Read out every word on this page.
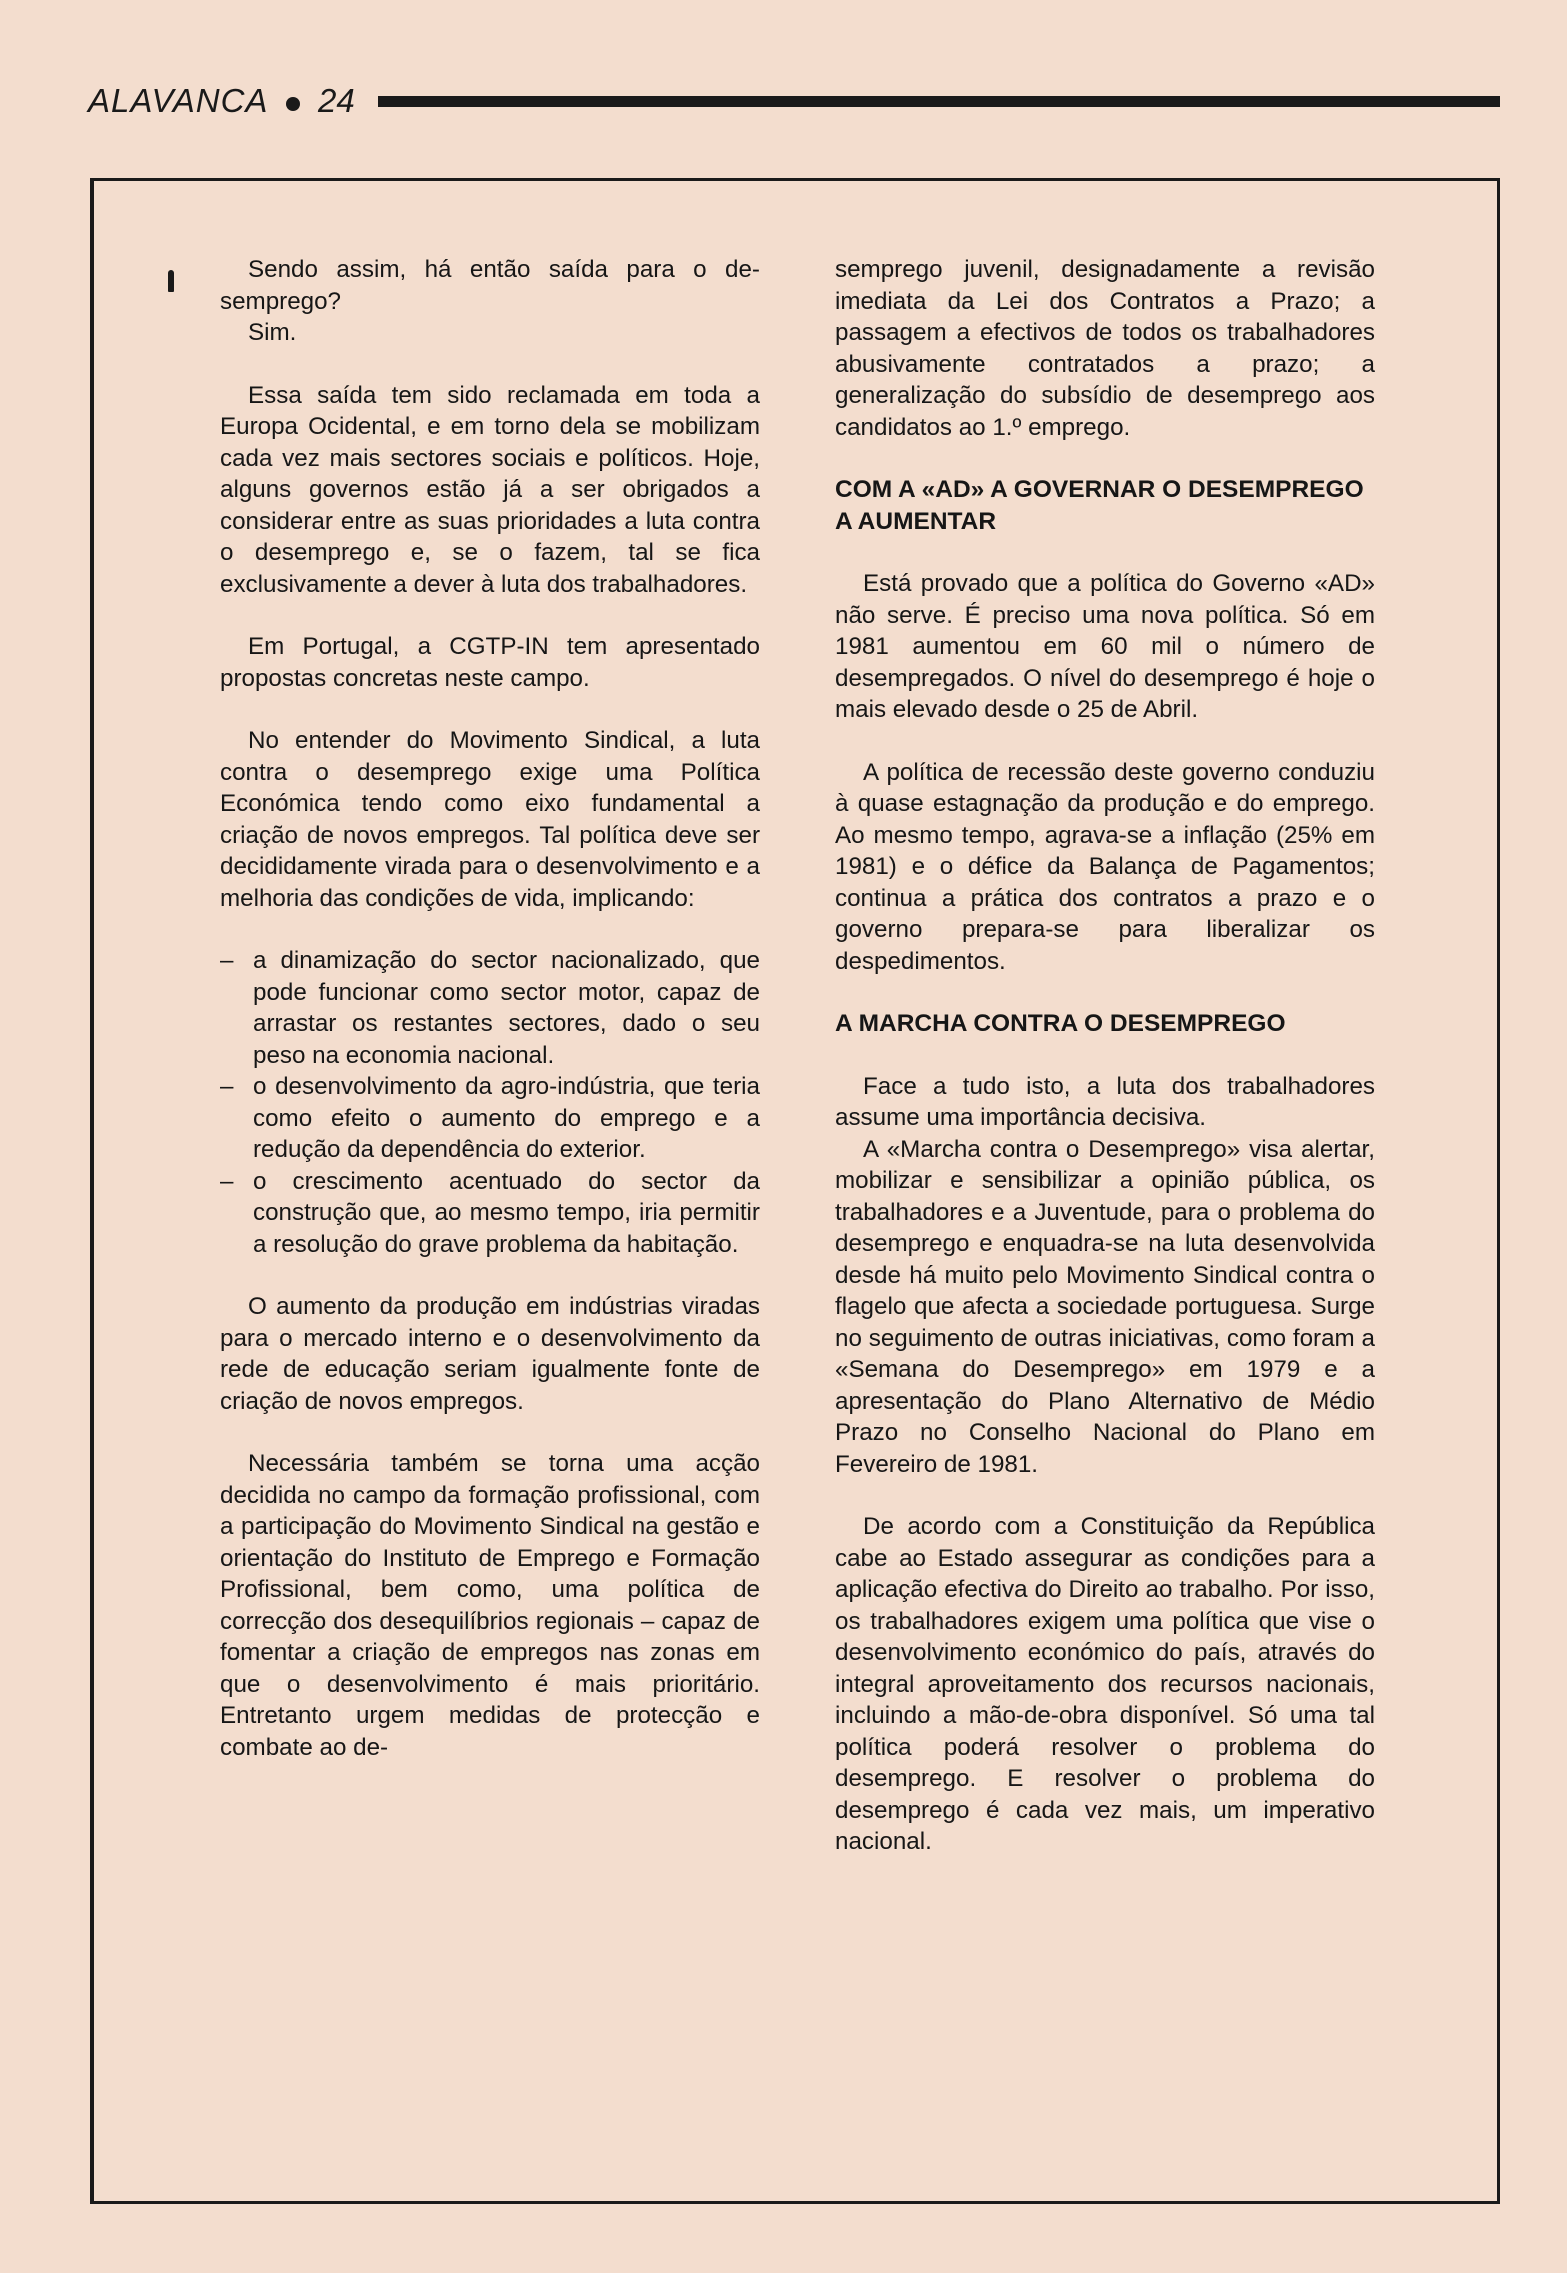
ALAVANCA 24

Sendo assim, há então saída para o de-semprego?

Sim.

Essa saída tem sido reclamada em toda a Europa Ocidental, e em torno dela se mobilizam cada vez mais sectores sociais e políticos. Hoje, alguns governos estão já a ser obrigados a considerar entre as suas prioridades a luta contra o desemprego e, se o fazem, tal se fica exclusivamente a dever à luta dos trabalhadores.

Em Portugal, a CGTP-IN tem apresentado propostas concretas neste campo.

No entender do Movimento Sindical, a luta contra o desemprego exige uma Política Económica tendo como eixo fundamental a criação de novos empregos. Tal política deve ser decididamente virada para o desenvolvimento e a melhoria das condições de vida, implicando:

– a dinamização do sector nacionalizado, que pode funcionar como sector motor, capaz de arrastar os restantes sectores, dado o seu peso na economia nacional.
– o desenvolvimento da agro-indústria, que teria como efeito o aumento do emprego e a redução da dependência do exterior.
– o crescimento acentuado do sector da construção que, ao mesmo tempo, iria permitir a resolução do grave problema da habitação.

O aumento da produção em indústrias viradas para o mercado interno e o desenvolvimento da rede de educação seriam igualmente fonte de criação de novos empregos.

Necessária também se torna uma acção decidida no campo da formação profissional, com a participação do Movimento Sindical na gestão e orientação do Instituto de Emprego e Formação Profissional, bem como, uma política de correcção dos desequilíbrios regionais – capaz de fomentar a criação de empregos nas zonas em que o desenvolvimento é mais prioritário. Entretanto urgem medidas de protecção e combate ao de-

semprego juvenil, designadamente a revisão imediata da Lei dos Contratos a Prazo; a passagem a efectivos de todos os trabalhadores abusivamente contratados a prazo; a generalização do subsídio de desemprego aos candidatos ao 1.º emprego.

COM A «AD» A GOVERNAR O DESEMPREGO A AUMENTAR

Está provado que a política do Governo «AD» não serve. É preciso uma nova política. Só em 1981 aumentou em 60 mil o número de desempregados. O nível do desemprego é hoje o mais elevado desde o 25 de Abril.

A política de recessão deste governo conduziu à quase estagnação da produção e do emprego. Ao mesmo tempo, agrava-se a inflação (25% em 1981) e o défice da Balança de Pagamentos; continua a prática dos contratos a prazo e o governo prepara-se para liberalizar os despedimentos.

A MARCHA CONTRA O DESEMPREGO

Face a tudo isto, a luta dos trabalhadores assume uma importância decisiva.

A «Marcha contra o Desemprego» visa alertar, mobilizar e sensibilizar a opinião pública, os trabalhadores e a Juventude, para o problema do desemprego e enquadra-se na luta desenvolvida desde há muito pelo Movimento Sindical contra o flagelo que afecta a sociedade portuguesa. Surge no seguimento de outras iniciativas, como foram a «Semana do Desemprego» em 1979 e a apresentação do Plano Alternativo de Médio Prazo no Conselho Nacional do Plano em Fevereiro de 1981.

De acordo com a Constituição da República cabe ao Estado assegurar as condições para a aplicação efectiva do Direito ao trabalho. Por isso, os trabalhadores exigem uma política que vise o desenvolvimento económico do país, através do integral aproveitamento dos recursos nacionais, incluindo a mão-de-obra disponível. Só uma tal política poderá resolver o problema do desemprego. E resolver o problema do desemprego é cada vez mais, um imperativo nacional.
